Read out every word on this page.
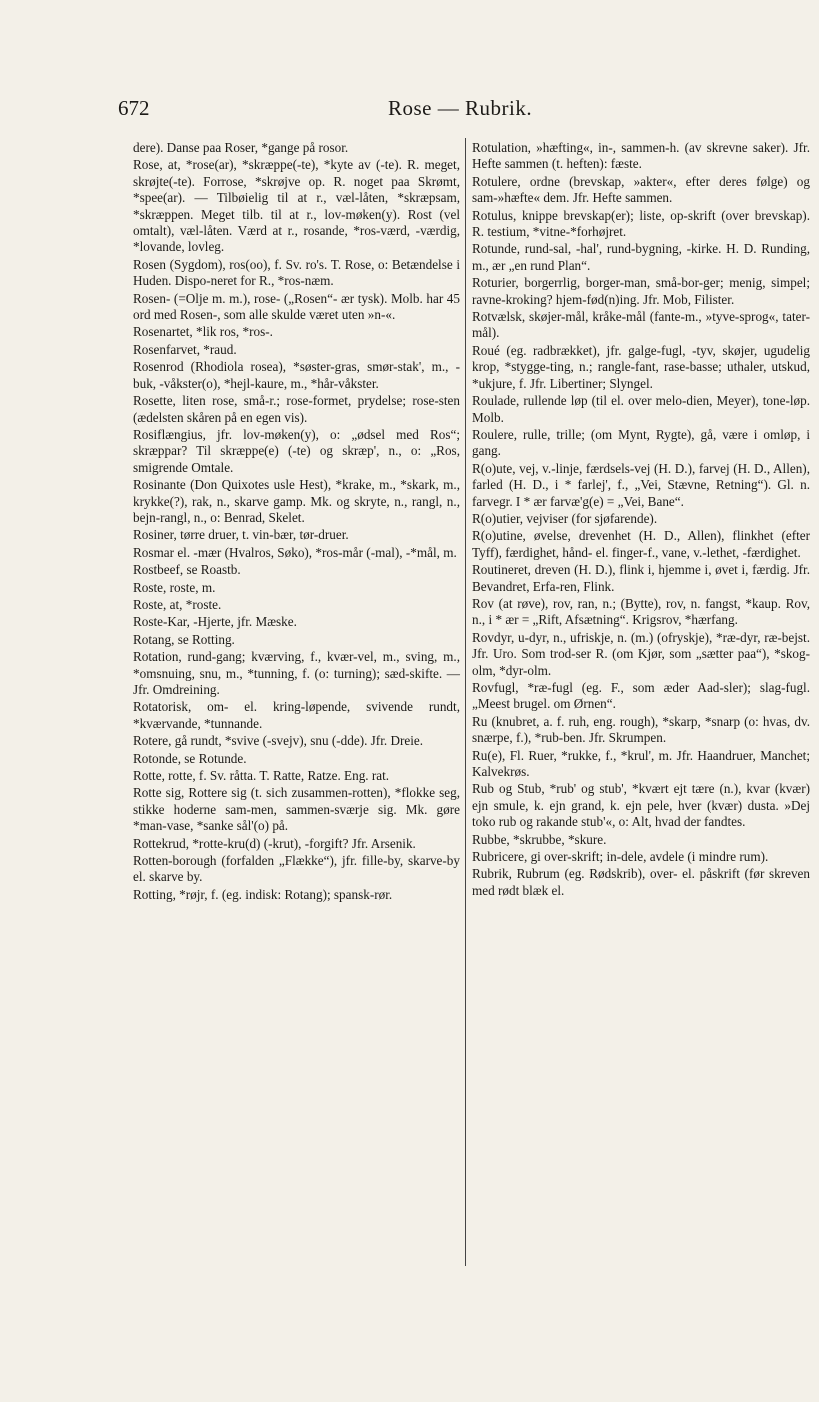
672	Rose — Rubrik.
dere). Danse paa Roser, *gange på rosor.
Rose, at, *rose(ar), *skræppe(-te), *kyte av (-te). R. meget, skrøjte(-te). Forrose, *skrøjve op. R. noget paa Skrømt, *spee(ar). — Tilbøielig til at r., væl-låten, *skræpsam, *skræppen. Meget tilb. til at r., lov-møken(y). Rost (vel omtalt), væl-låten. Værd at r., rosande, *ros-værd, -værdig, *lovande, lovleg.
Rosen (Sygdom), ros(oo), f. Sv. ro's. T. Rose, o: Betændelse i Huden. Dispo-neret for R., *ros-næm.
Rosen- (=Olje m. m.), rose- („Rosen“- ær tysk). Molb. har 45 ord med Rosen-, som alle skulde været uten »n-«.
Rosenartet, *lik ros, *ros-.
Rosenfarvet, *raud.
Rosenrod (Rhodiola rosea), *søster-gras, smør-stak', m., -buk, -våkster(o), *hejl-kaure, m., *hår-våkster.
Rosette, liten rose, små-r.; rose-formet, prydelse; rose-sten (ædelsten skåren på en egen vis).
Rosiflængius, jfr. lov-møken(y), o: „ødsel med Ros“; skræppar? Til skræppe(e) (-te) og skræp', n., o: „Ros, smigrende Omtale.
Rosinante (Don Quixotes usle Hest), *krake, m., *skark, m., krykke(?), rak, n., skarve gamp. Mk. og skryte, n., rangl, n., bejn-rangl, n., o: Benrad, Skelet.
Rosiner, tørre druer, t. vin-bær, tør-druer.
Rosmar el. -mær (Hvalros, Søko), *ros-mår (-mal), -*mål, m.
Rostbeef, se Roastb.
Roste, roste, m.
Roste, at, *roste.
Roste-Kar, -Hjerte, jfr. Mæske.
Rotang, se Rotting.
Rotation, rund-gang; kværving, f., kvær-vel, m., sving, m., *omsnuing, snu, m., *tunning, f. (o: turning); sæd-skifte. — Jfr. Omdreining.
Rotatorisk, om- el. kring-løpende, svivende rundt, *kværvande, *tunnande.
Rotere, gå rundt, *svive (-svejv), snu (-dde). Jfr. Dreie.
Rotonde, se Rotunde.
Rotte, rotte, f. Sv. råtta. T. Ratte, Ratze. Eng. rat.
Rotte sig, Rottere sig (t. sich zusammen-rotten), *flokke seg, stikke hoderne sam-men, sammen-sværje sig. Mk. gøre *man-vase, *sanke sål'(o) på.
Rottekrud, *rotte-kru(d) (-krut), -forgift? Jfr. Arsenik.
Rotten-borough (forfalden „Flække“), jfr. fille-by, skarve-by el. skarve by.
Rotting, *røjr, f. (eg. indisk: Rotang); spansk-rør.
Rotulation, »hæfting«, in-, sammen-h. (av skrevne saker). Jfr. Hefte sammen (t. heften): fæste.
Rotulere, ordne (brevskap, »akter«, efter deres følge) og sam-»hæfte« dem. Jfr. Hefte sammen.
Rotulus, knippe brevskap(er); liste, op-skrift (over brevskap). R. testium, *vitne-*forhøjret.
Rotunde, rund-sal, -hal', rund-bygning, -kirke. H. D. Runding, m., ær „en rund Plan“.
Roturier, borgerrlig, borger-man, små-bor-ger; menig, simpel; ravne-kroking? hjem-fød(n)ing. Jfr. Mob, Filister.
Rotvælsk, skøjer-mål, kråke-mål (fante-m., »tyve-sprog«, tater-mål).
Roué (eg. radbrækket), jfr. galge-fugl, -tyv, skøjer, ugudelig krop, *stygge-ting, n.; rangle-fant, rase-basse; uthaler, utskud, *ukjure, f. Jfr. Libertiner; Slyngel.
Roulade, rullende løp (til el. over melo-dien, Meyer), tone-løp. Molb.
Roulere, rulle, trille; (om Mynt, Rygte), gå, være i omløp, i gang.
R(o)ute, vej, v.-linje, færdsels-vej (H. D.), farvej (H. D., Allen), farled (H. D., i * farlej', f., „Vei, Stævne, Retning“). Gl. n. farvegr. I * ær farvæ'g(e) = „Vei, Bane“.
R(o)utier, vejviser (for sjøfarende).
R(o)utine, øvelse, drevenhet (H. D., Allen), flinkhet (efter Tyff), færdighet, hånd- el. finger-f., vane, v.-lethet, -færdighet.
Routineret, dreven (H. D.), flink i, hjemme i, øvet i, færdig. Jfr. Bevandret, Erfa-ren, Flink.
Rov (at røve), rov, ran, n.; (Bytte), rov, n. fangst, *kaup. Rov, n., i * ær = „Rift, Afsætning“. Krigsrov, *hærfang.
Rovdyr, u-dyr, n., ufriskje, n. (m.) (ofryskje), *ræ-dyr, ræ-bejst. Jfr. Uro. Som trod-ser R. (om Kjør, som „sætter paa“), *skog-olm, *dyr-olm.
Rovfugl, *ræ-fugl (eg. F., som æder Aad-sler); slag-fugl. „Meest brugel. om Ørnen“.
Ru (knubret, a. f. ruh, eng. rough), *skarp, *snarp (o: hvas, dv. snærpe, f.), *rub-ben. Jfr. Skrumpen.
Ru(e), Fl. Ruer, *rukke, f., *krul', m. Jfr. Haandruer, Manchet; Kalvekrøs.
Rub og Stub, *rub' og stub', *kvært ejt tære (n.), kvar (kvær) ejn smule, k. ejn grand, k. ejn pele, hver (kvær) dusta. »Dej toko rub og rakande stub'«, o: Alt, hvad der fandtes.
Rubbe, *skrubbe, *skure.
Rubricere, gi over-skrift; in-dele, avdele (i mindre rum).
Rubrik, Rubrum (eg. Rødskrib), over- el. påskrift (før skreven med rødt blæk el.
